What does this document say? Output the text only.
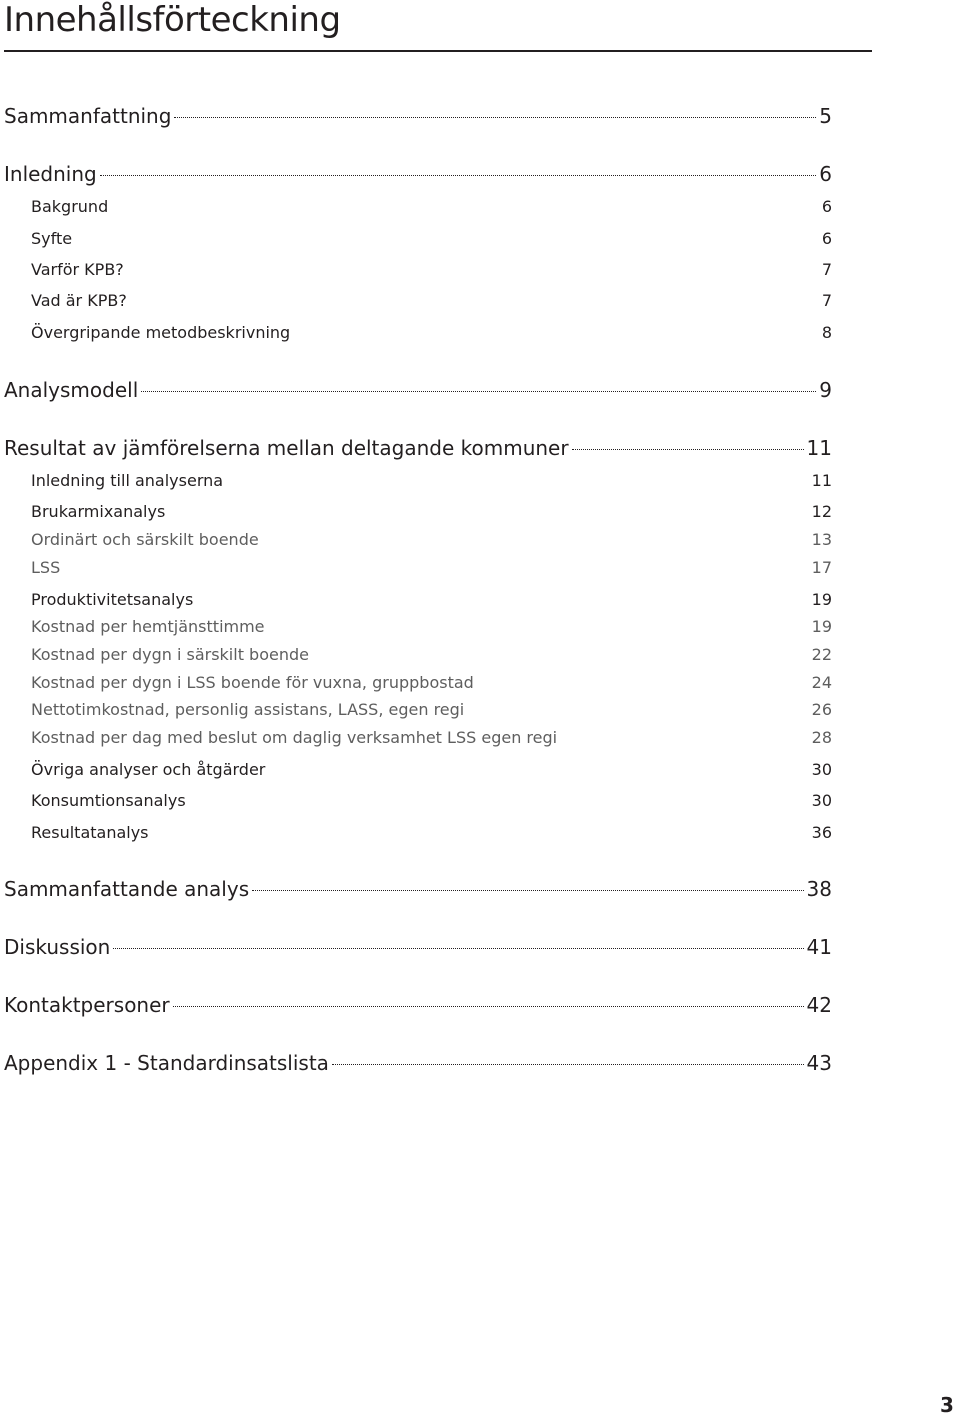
Innehållsförteckning
Sammanfattning	5
Inledning	6
Bakgrund	6
Syfte	6
Varför KPB?	7
Vad är KPB?	7
Övergripande metodbeskrivning	8
Analysmodell	9
Resultat av jämförelserna mellan deltagande kommuner	11
Inledning till analyserna	11
Brukarmixanalys	12
Ordinärt och särskilt boende	13
LSS	17
Produktivitetsanalys	19
Kostnad per hemtjänsttimme	19
Kostnad per dygn i särskilt boende	22
Kostnad per dygn i LSS boende för vuxna, gruppbostad	24
Nettotimkostnad, personlig assistans, LASS, egen regi	26
Kostnad per dag med beslut om daglig verksamhet LSS egen regi	28
Övriga analyser och åtgärder	30
Konsumtionsanalys	30
Resultatanalys	36
Sammanfattande analys	38
Diskussion	41
Kontaktpersoner	42
Appendix 1 - Standardinsatslista	43
3
